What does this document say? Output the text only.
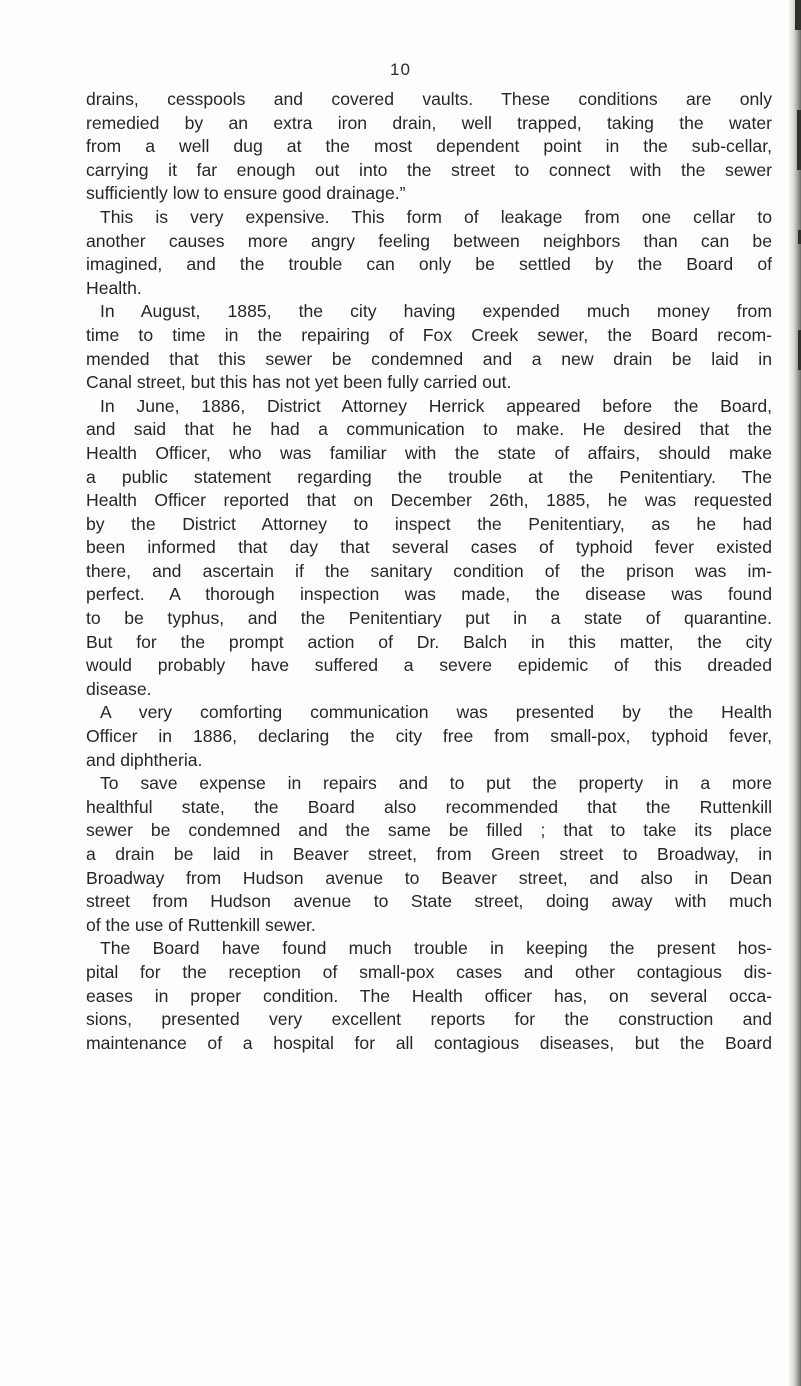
10
drains, cesspools and covered vaults. These conditions are only
remedied by an extra iron drain, well trapped, taking the water
from a well dug at the most dependent point in the sub-cellar,
carrying it far enough out into the street to connect with the sewer
sufficiently low to ensure good drainage.”
This is very expensive. This form of leakage from one cellar to
another causes more angry feeling between neighbors than can be
imagined, and the trouble can only be settled by the Board of
Health.
In August, 1885, the city having expended much money from
time to time in the repairing of Fox Creek sewer, the Board recom-
mended that this sewer be condemned and a new drain be laid in
Canal street, but this has not yet been fully carried out.
In June, 1886, District Attorney Herrick appeared before the Board,
and said that he had a communication to make. He desired that the
Health Officer, who was familiar with the state of affairs, should make
a public statement regarding the trouble at the Penitentiary. The
Health Officer reported that on December 26th, 1885, he was requested
by the District Attorney to inspect the Penitentiary, as he had
been informed that day that several cases of typhoid fever existed
there, and ascertain if the sanitary condition of the prison was im-
perfect. A thorough inspection was made, the disease was found
to be typhus, and the Penitentiary put in a state of quarantine.
But for the prompt action of Dr. Balch in this matter, the city
would probably have suffered a severe epidemic of this dreaded
disease.
A very comforting communication was presented by the Health
Officer in 1886, declaring the city free from small-pox, typhoid fever,
and diphtheria.
To save expense in repairs and to put the property in a more
healthful state, the Board also recommended that the Ruttenkill
sewer be condemned and the same be filled ; that to take its place
a drain be laid in Beaver street, from Green street to Broadway, in
Broadway from Hudson avenue to Beaver street, and also in Dean
street from Hudson avenue to State street, doing away with much
of the use of Ruttenkill sewer.
The Board have found much trouble in keeping the present hos-
pital for the reception of small-pox cases and other contagious dis-
eases in proper condition. The Health officer has, on several occa-
sions, presented very excellent reports for the construction and
maintenance of a hospital for all contagious diseases, but the Board
